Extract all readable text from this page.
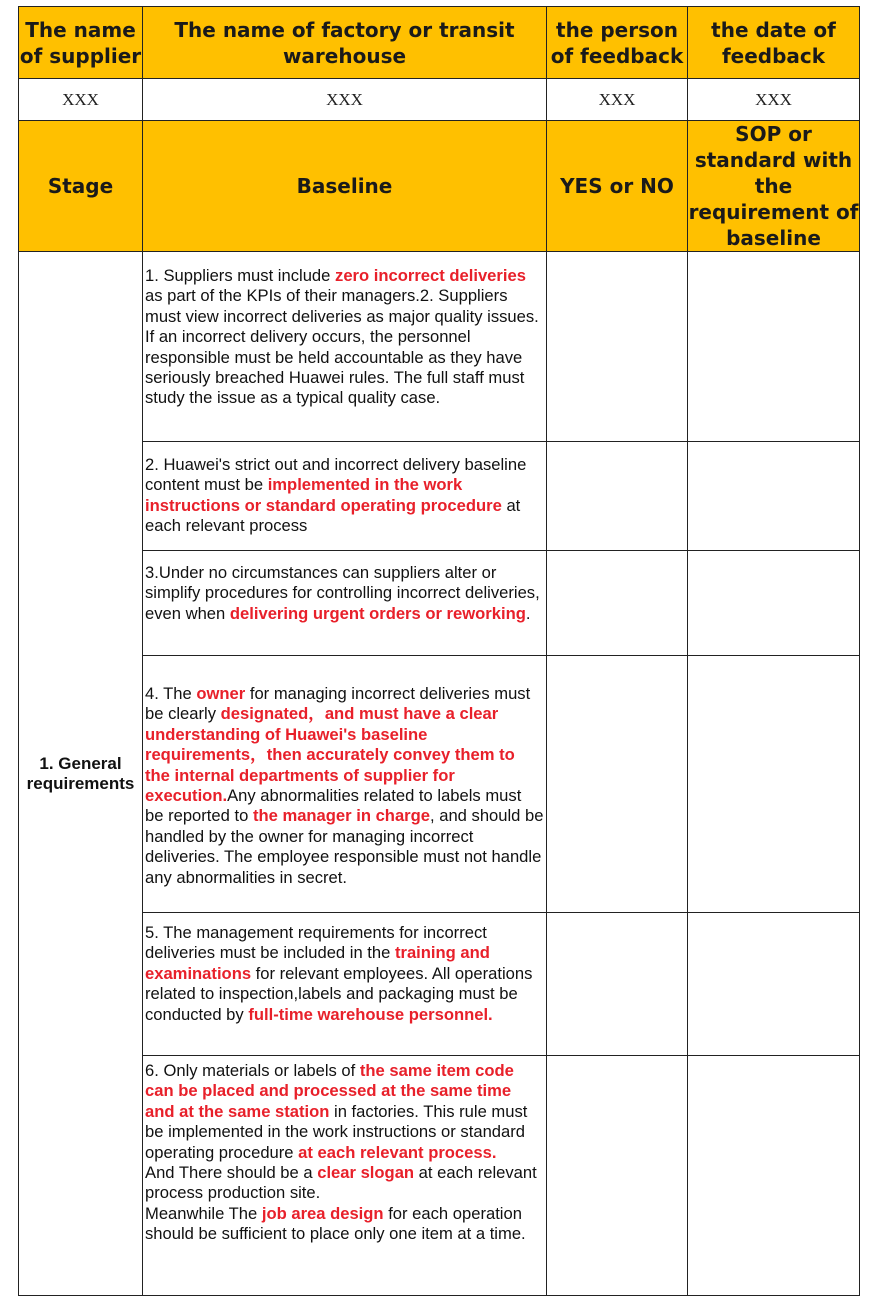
The name of supplier	The name of factory or transit warehouse	the person of feedback	the date of feedback
XXX	XXX	XXX	XXX
Stage	Baseline	YES or NO	SOP or standard with the requirement of baseline

1. General requirements	1. Suppliers must include zero incorrect deliveries as part of the KPIs of their managers.2. Suppliers must view incorrect deliveries as major quality issues. If an incorrect delivery occurs, the personnel responsible must be held accountable as they have seriously breached Huawei rules. The full staff must study the issue as a typical quality case.		
	2. Huawei's strict out and incorrect delivery baseline content must be implemented in the work instructions or standard operating procedure at each relevant process		
	3.Under no circumstances can suppliers alter or simplify procedures for controlling incorrect deliveries, even when delivering urgent orders or reworking.		
	4. The owner for managing incorrect deliveries must be clearly designated，and must have a clear understanding of Huawei's baseline requirements，then accurately convey them to the internal departments of supplier for execution.Any abnormalities related to labels must be reported to the manager in charge, and should be handled by the owner for managing incorrect deliveries. The employee responsible must not handle any abnormalities in secret.		
	5. The management requirements for incorrect deliveries must be included in the training and examinations for relevant employees. All operations related to inspection,labels and packaging must be conducted by full-time warehouse personnel.		
	6. Only materials or labels of the same item code can be placed and processed at the same time and at the same station in factories. This rule must be implemented in the work instructions or standard operating procedure at each relevant process.
And There should be a clear slogan at each relevant process production site.
Meanwhile The job area design for each operation should be sufficient to place only one item at a time.		
